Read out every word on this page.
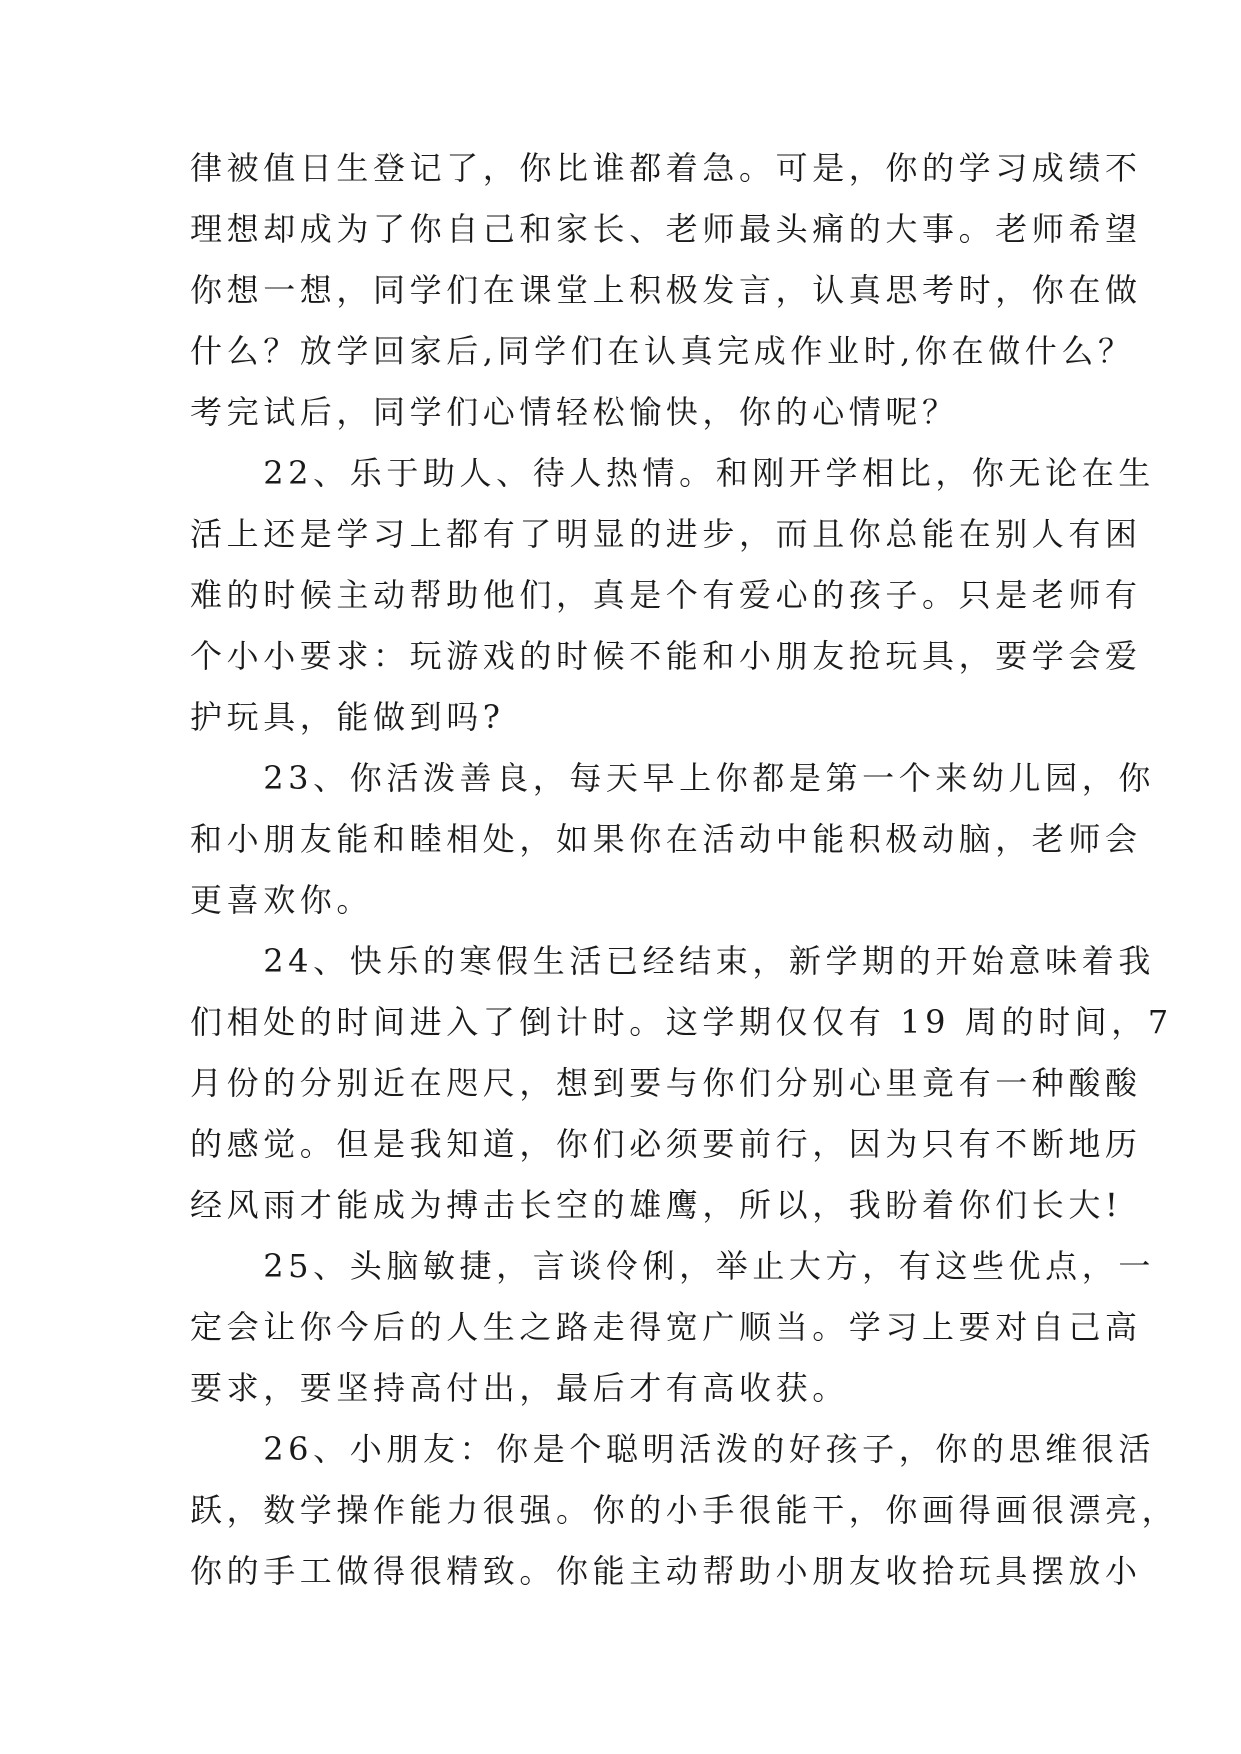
律被值日生登记了，你比谁都着急。可是，你的学习成绩不
理想却成为了你自己和家长、老师最头痛的大事。老师希望
你想一想，同学们在课堂上积极发言，认真思考时，你在做
什么？放学回家后,同学们在认真完成作业时,你在做什么？
考完试后，同学们心情轻松愉快，你的心情呢？
　　22、乐于助人、待人热情。和刚开学相比，你无论在生
活上还是学习上都有了明显的进步，而且你总能在别人有困
难的时候主动帮助他们，真是个有爱心的孩子。只是老师有
个小小要求：玩游戏的时候不能和小朋友抢玩具，要学会爱
护玩具，能做到吗?
　　23、你活泼善良，每天早上你都是第一个来幼儿园，你
和小朋友能和睦相处，如果你在活动中能积极动脑，老师会
更喜欢你。
　　24、快乐的寒假生活已经结束，新学期的开始意味着我
们相处的时间进入了倒计时。这学期仅仅有 19 周的时间，7
月份的分别近在咫尺，想到要与你们分别心里竟有一种酸酸
的感觉。但是我知道，你们必须要前行，因为只有不断地历
经风雨才能成为搏击长空的雄鹰，所以，我盼着你们长大!
　　25、头脑敏捷，言谈伶俐，举止大方，有这些优点，一
定会让你今后的人生之路走得宽广顺当。学习上要对自己高
要求，要坚持高付出，最后才有高收获。
　　26、小朋友：你是个聪明活泼的好孩子，你的思维很活
跃，数学操作能力很强。你的小手很能干，你画得画很漂亮，
你的手工做得很精致。你能主动帮助小朋友收拾玩具摆放小
